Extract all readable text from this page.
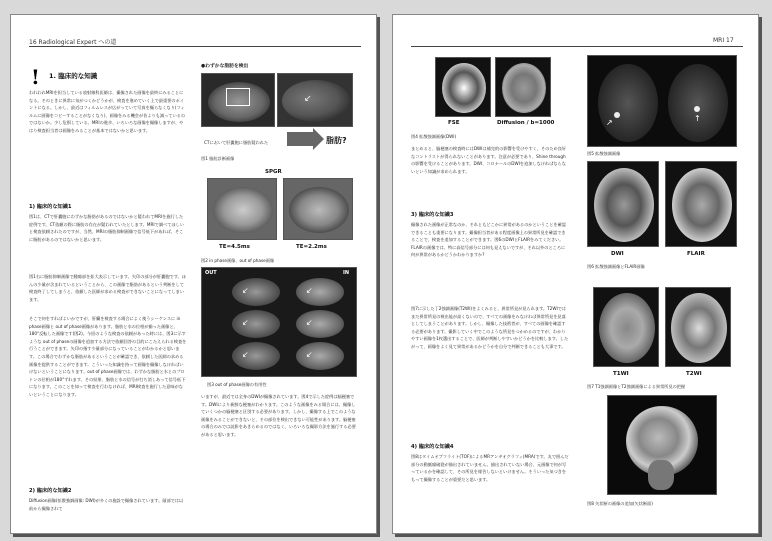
16 Radiological Expert への道
! 1. 臨床的な知識
われわれMRIを担当している放射線科医師は、撮像された画像を最終にみることになる。そのときに異常に気がつくかどうかが、検査を進めていく上で最重要のポイントになる。しかし、最近はフィルムレスが広がっていて写真を撮らなくなり(フィルムに画像をコピーすることがなくなり)、画像をみる機会が昔よりも減っているのではないか。少し危惧している。MRIの進歩、いろいろな画像を撮像しますが、やはり検査担当者は画像をみることが基本ではないかと思います。
1) 臨床的な知識1
図1は、CTで肝嚢胞にわずかな脂肪があるのではないかと疑われてMRIを施行した症例です。CT依頼の際に脂肪の存在が疑われていたとします。MRIで調べてほしいと検査依頼されたのですが、当然、MRIの脂肪抑制画像で信号低下があれば、そこに脂肪があるのではないかと思います。
図1右に脂肪抑制画像で腫瘍部を拡大表示しています。矢印の部分が肝嚢胞です。ほんの少量が含まれているということから、この画像で脂肪があるという判断をして検査終了してしまうと、依頼した医師が求める検査ができないことになってしまいます。
そこで何をすればよいかですが、肝臓を検査する場合によく使うシーケンスに in phase画像と out of phase画像があります。脂肪と水の位相が揃った画像と、180°反転した画像です(図2)。今回のような検査の依頼があった時には、図3に示すような out of phaseの画像を追加する方法で依頼回答の目的にこたえられる検査を行うことができます。矢印の指す少量部分になっていることがわかるかと思います。この場合でわずかな脂肪があるということが確認でき、依頼した医師の求める画像を提供することができます。こういった知識を持って画像を撮像しなければいけないということになります。out of phase画像では、わずかな脂肪と水とのプロトンの位相が180°ずれます。その結果、脂肪と水の信号が打ち消しあって信号低下になります。このことを知って検査を行わなければ、MRI検査を施行した意味がないということになります。
2) 臨床的な知識2
Diffusion画像(拡散強調画像: DWI)が多くの施設で撮像されています。頭部では以前から撮像されて
●わずかな脂肪を検出
↙
CTにおいて肝嚢胞に脂肪疑われた	脂肪?
図1 脂肪診断画像
SPGR
TE=4.5ms	TE=2.2ms
図2 in phase画像、out of phase画像
OUT	IN
↙
↙
↙
↙
↙
↙
図3 out of phase画像の有用性
いますが、最近では全身のDWIが撮像されています。図4で示した症例は脳梗塞です。DWIにより新鮮な梗塞がわかります。このような画像をみる場合には、撮像していくつかの脳梗塞と区別する必要があります。しかし、撮像する上でこのような画像をみることができないと、その部位を検出できない可能性があります。脳梗塞の場合のみでは読影をあきらめるのではなく、いろいろな撮影方法を施行する必要があると思います。
MRI 17
FSE	Diffusion / b=1000
図4 拡散強調画像(DWI)
↗	↑
図5 拡散強調画像
まとめると、脳梗塞の検査時にはDWIは補完的の影響を受けやすく、そのため良好なコントラストが得られないことがあります。注意が必要であり、Shine throughの影響を受けることがあります。DWI、コロナールのDWIを追加しなければならないという知識が求められます。
3) 臨床的な知識3
撮像された画像が正常なのか、それともどこかに異常があるのかということを確認できることも重要になります。撮像担当者がある程度画像上の異常所見を確認できることで、検査を追加することができます。図6のDWIとFLAIRをみてください。FLAIRの画像では、特に高信号部分には何も見えないですが、それ以外のところに何が異常があるかどうかわかりますか?	DWI	FLAIR
図6 拡散強調画像とFLAIR画像
図7に示した丁2強調画像(T2WI)をよくみると、異常所見が見られます。T2WIではまだ異常所見の検出能が高くないので、すべての画像をみなければ異常所見を見落としてしまうことがあります。しかし、撮像した技術者が、すべての画像を確認する必要があります。撮影していく中でこのような所見をつかめるのですが、わかりやすい画像を1枚選出することで、医師が判断しやすいかどうかを比較します。したがって、画像をよく見て異常があるかどうかを自分で判断できることも大事です。
T1WI	T2WI
図7 T1強調画像とT2強調画像による異常所見の把握
4) 臨床的な知識4
図8はタイムオブフライト(TOF)によるMRアンギオグラフィ(MRA)です。丸で囲んだ部分の動脈瘤破裂が描出されていません。描出されていない場合、元画像で何が写っているかを確認して、その所見を報告しないといけません。そういった気づきをもって撮像することが重要だと思います。
図8 矢状断の画像の追加(矢状断面)
